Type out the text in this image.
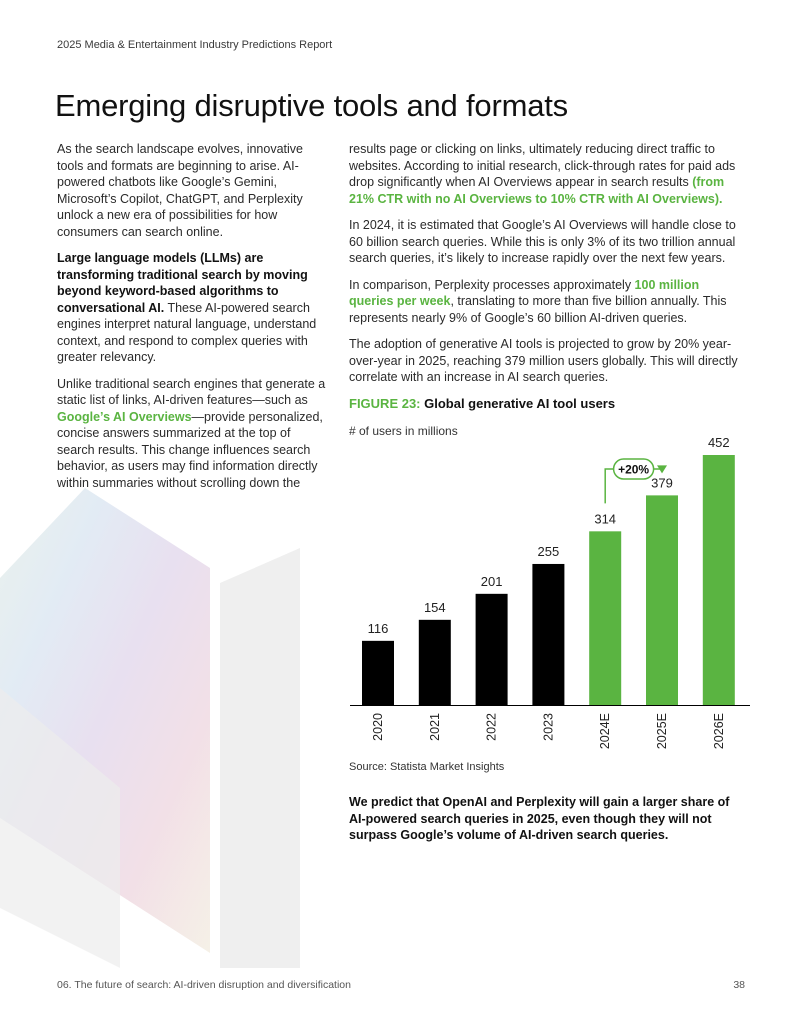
2025 Media & Entertainment Industry Predictions Report
Emerging disruptive tools and formats

As the search landscape evolves, innovative tools and formats are beginning to arise. AI-powered chatbots like Google’s Gemini, Microsoft’s Copilot, ChatGPT, and Perplexity unlock a new era of possibilities for how consumers can search online.

Large language models (LLMs) are transforming traditional search by moving beyond keyword-based algorithms to conversational AI. These AI-powered search engines interpret natural language, understand context, and respond to complex queries with greater relevancy.

Unlike traditional search engines that generate a static list of links, AI-driven features—such as Google’s AI Overviews—provide personalized, concise answers summarized at the top of search results. This change influences search behavior, as users may find information directly within summaries without scrolling down the

results page or clicking on links, ultimately reducing direct traffic to websites. According to initial research, click-through rates for paid ads drop significantly when AI Overviews appear in search results (from 21% CTR with no AI Overviews to 10% CTR with AI Overviews).

In 2024, it is estimated that Google’s AI Overviews will handle close to 60 billion search queries. While this is only 3% of its two trillion annual search queries, it’s likely to increase rapidly over the next few years.

In comparison, Perplexity processes approximately 100 million queries per week, translating to more than five billion annually. This represents nearly 9% of Google’s 60 billion AI-driven queries.

The adoption of generative AI tools is projected to grow by 20% year-over-year in 2025, reaching 379 million users globally. This will directly correlate with an increase in AI search queries.

FIGURE 23: Global generative AI tool users
# of users in millions
116
2020
154
2021
201
2022
255
2023
314
2024E
379
2025E
452
2026E
+20%
Source: Statista Market Insights
We predict that OpenAI and Perplexity will gain a larger share of AI-powered search queries in 2025, even though they will not surpass Google’s volume of AI-driven search queries.
06. The future of search: AI-driven disruption and diversification	38
